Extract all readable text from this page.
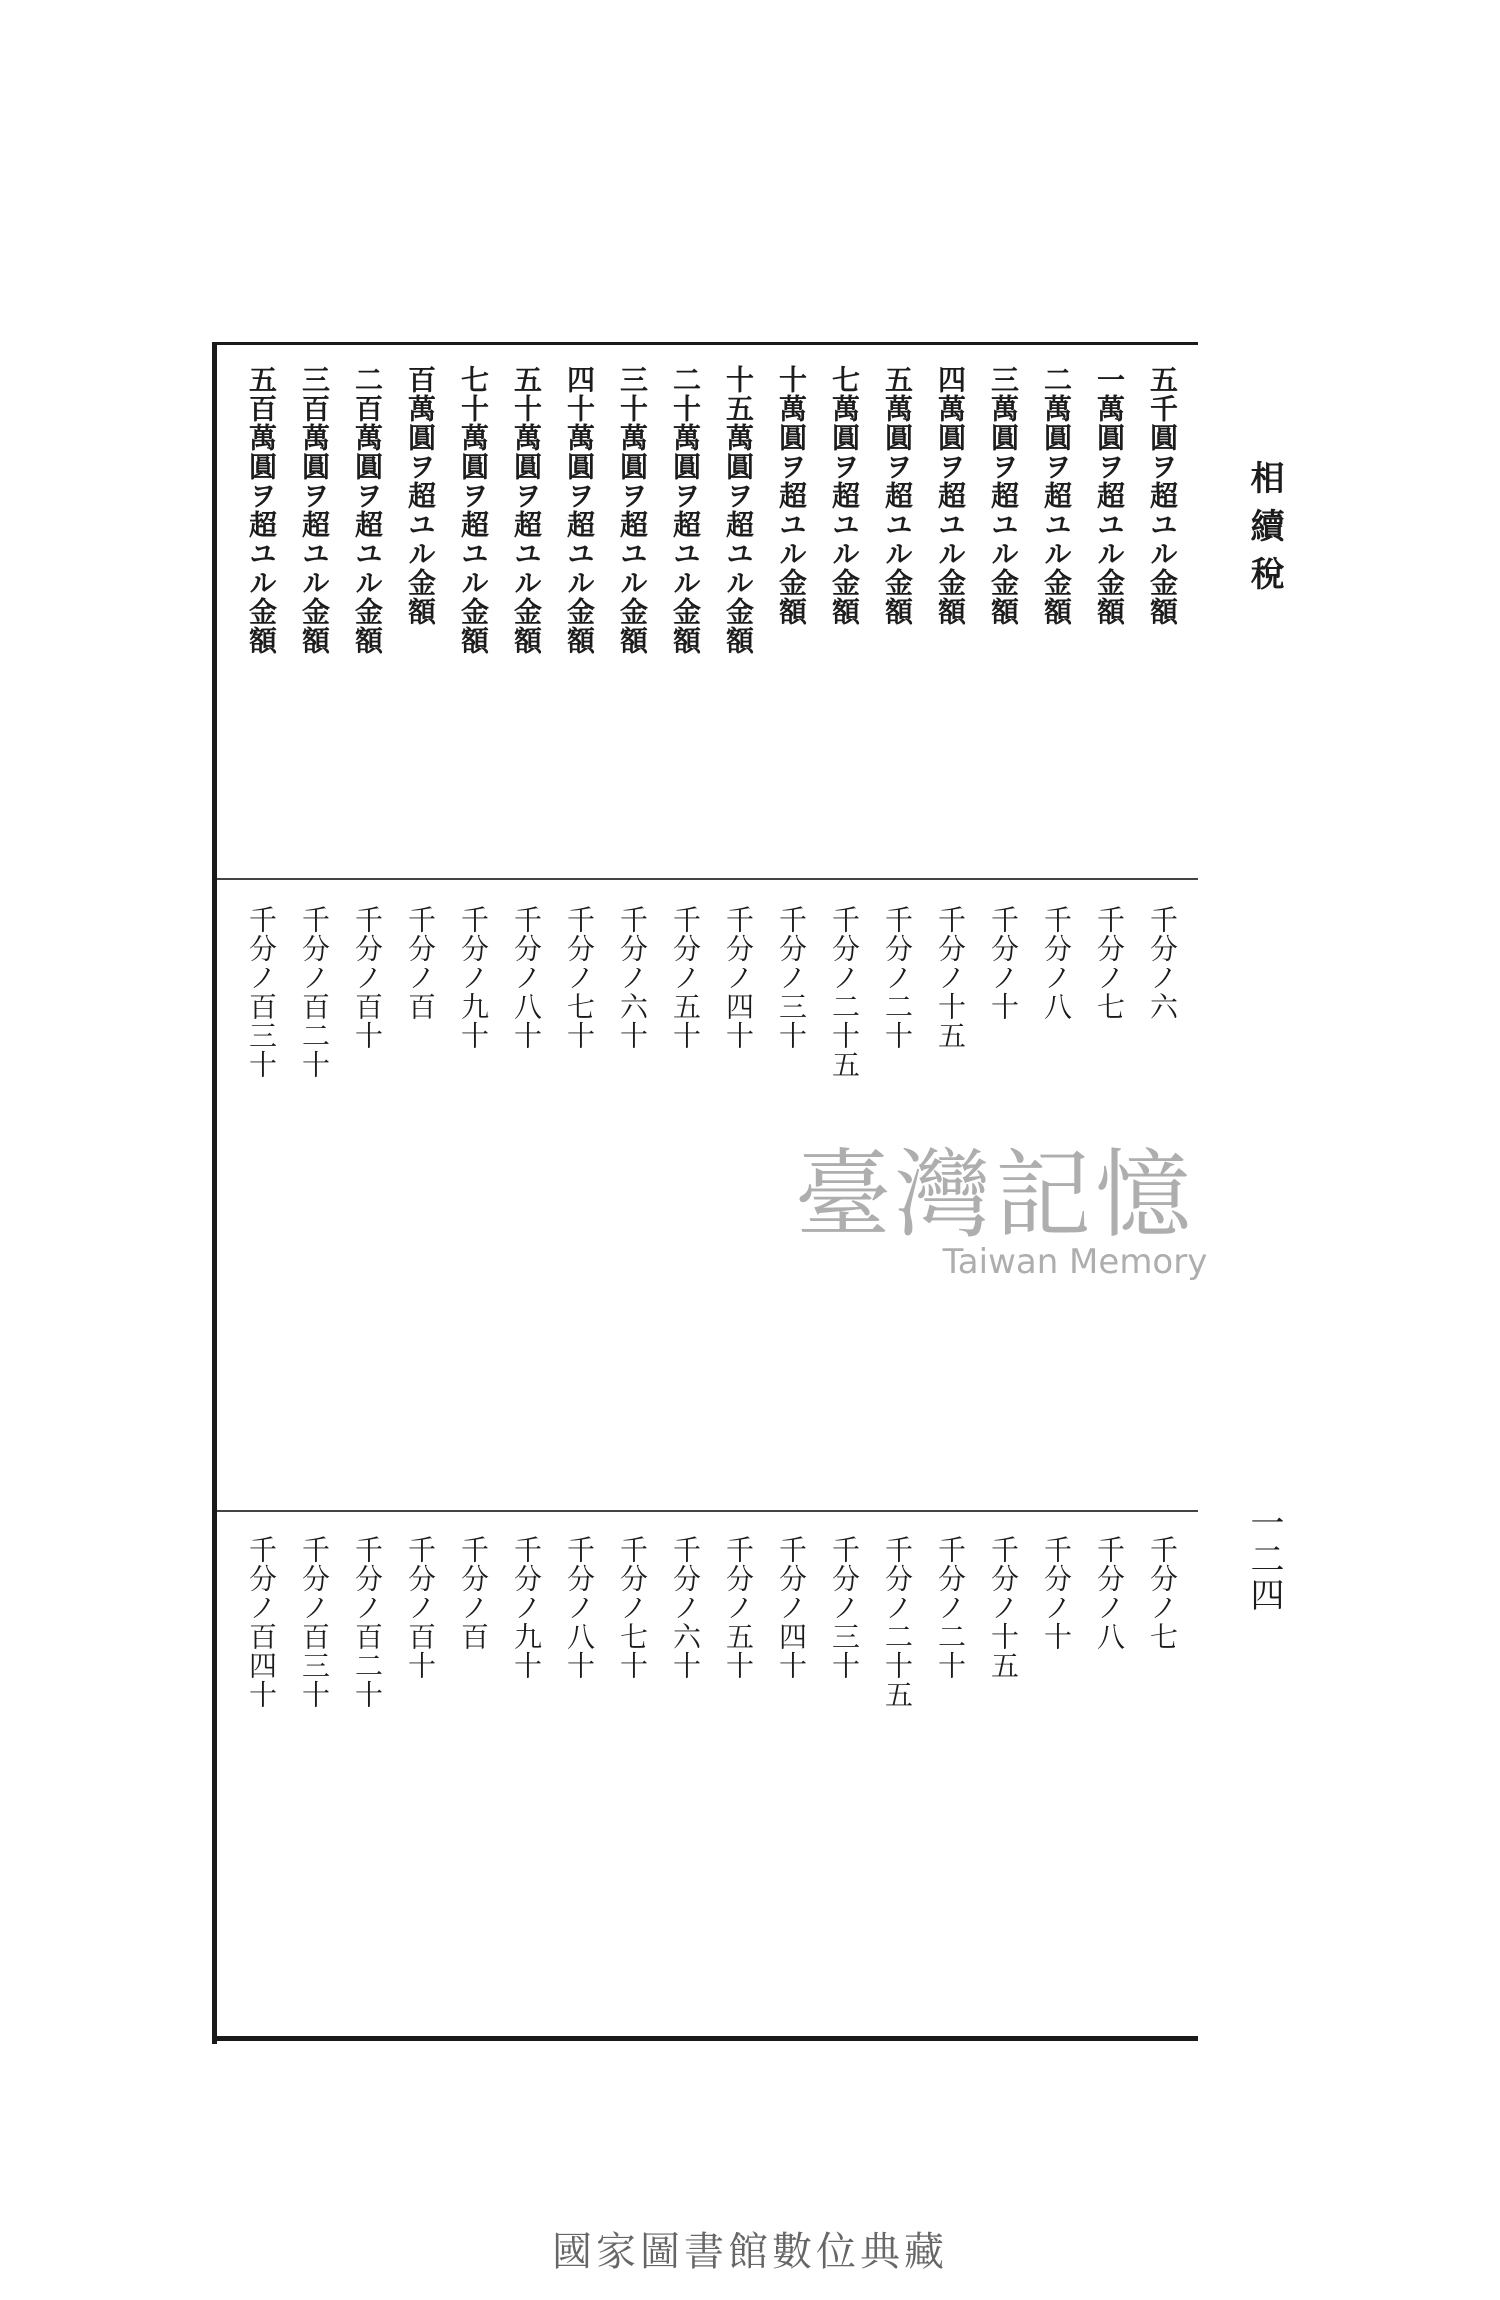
相續稅
一二四
五千圓ヲ超ユル金額
千分ノ六
千分ノ七
一萬圓ヲ超ユル金額
千分ノ七
千分ノ八
二萬圓ヲ超ユル金額
千分ノ八
千分ノ十
三萬圓ヲ超ユル金額
千分ノ十
千分ノ十五
四萬圓ヲ超ユル金額
千分ノ十五
千分ノ二十
五萬圓ヲ超ユル金額
千分ノ二十
千分ノ二十五
七萬圓ヲ超ユル金額
千分ノ二十五
千分ノ三十
十萬圓ヲ超ユル金額
千分ノ三十
千分ノ四十
十五萬圓ヲ超ユル金額
千分ノ四十
千分ノ五十
二十萬圓ヲ超ユル金額
千分ノ五十
千分ノ六十
三十萬圓ヲ超ユル金額
千分ノ六十
千分ノ七十
四十萬圓ヲ超ユル金額
千分ノ七十
千分ノ八十
五十萬圓ヲ超ユル金額
千分ノ八十
千分ノ九十
七十萬圓ヲ超ユル金額
千分ノ九十
千分ノ百
百萬圓ヲ超ユル金額
千分ノ百
千分ノ百十
二百萬圓ヲ超ユル金額
千分ノ百十
千分ノ百二十
三百萬圓ヲ超ユル金額
千分ノ百二十
千分ノ百三十
五百萬圓ヲ超ユル金額
千分ノ百三十
千分ノ百四十
臺灣記憶
Taiwan Memory
國家圖書館數位典藏
